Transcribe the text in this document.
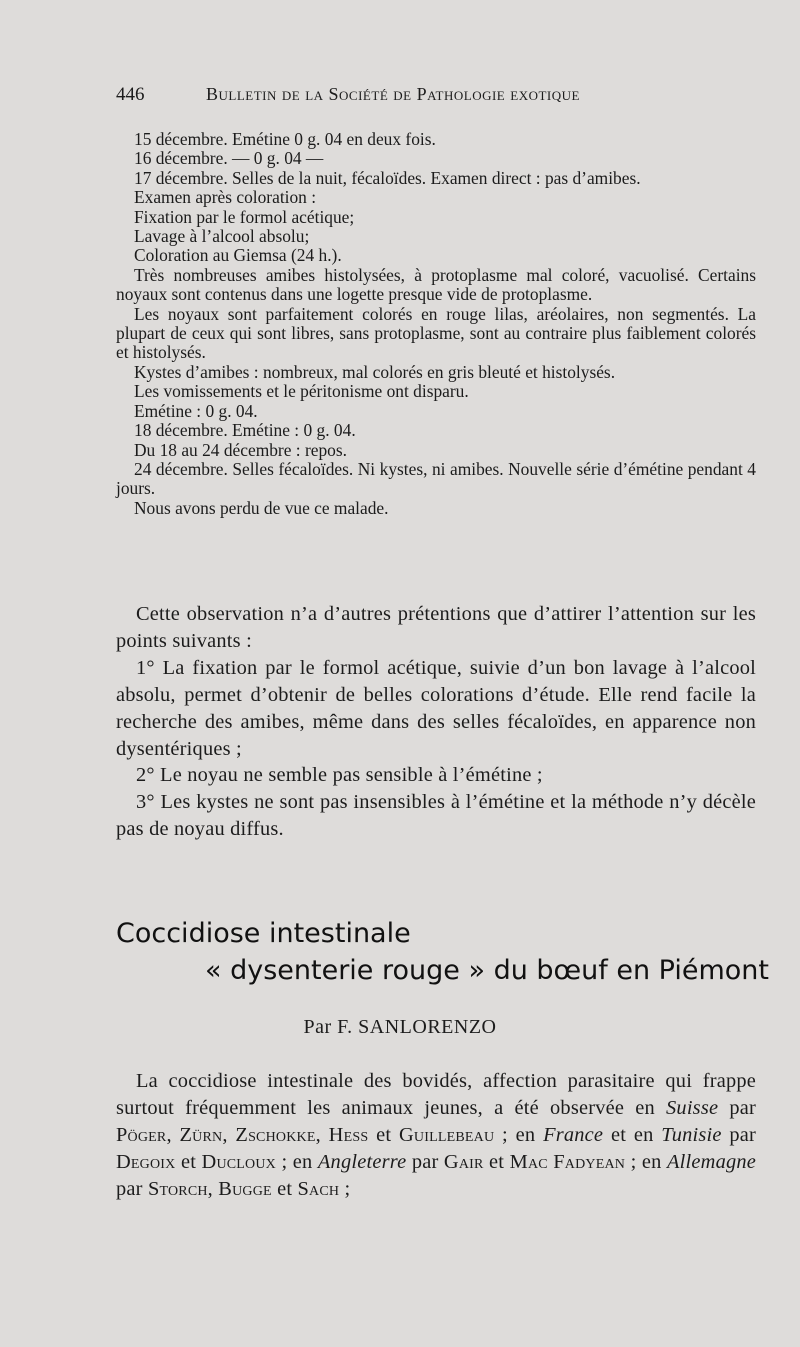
446	Bulletin de la Société de Pathologie exotique

15 décembre. Emétine 0 g. 04 en deux fois.

16 décembre. — 0 g. 04 —

17 décembre. Selles de la nuit, fécaloïdes. Examen direct : pas d’amibes.

Examen après coloration :

Fixation par le formol acétique;

Lavage à l’alcool absolu;

Coloration au Giemsa (24 h.).

Très nombreuses amibes histolysées, à protoplasme mal coloré, vacuolisé. Certains noyaux sont contenus dans une logette presque vide de protoplasme.

Les noyaux sont parfaitement colorés en rouge lilas, aréolaires, non segmentés. La plupart de ceux qui sont libres, sans protoplasme, sont au contraire plus faiblement colorés et histolysés.

Kystes d’amibes : nombreux, mal colorés en gris bleuté et histolysés.

Les vomissements et le péritonisme ont disparu.

Emétine : 0 g. 04.

18 décembre. Emétine : 0 g. 04.

Du 18 au 24 décembre : repos.

24 décembre. Selles fécaloïdes. Ni kystes, ni amibes. Nouvelle série d’émétine pendant 4 jours.

Nous avons perdu de vue ce malade.

Cette observation n’a d’autres prétentions que d’attirer l’attention sur les points suivants :

1° La fixation par le formol acétique, suivie d’un bon lavage à l’alcool absolu, permet d’obtenir de belles colorations d’étude. Elle rend facile la recherche des amibes, même dans des selles fécaloïdes, en apparence non dysentériques ;

2° Le noyau ne semble pas sensible à l’émétine ;

3° Les kystes ne sont pas insensibles à l’émétine et la méthode n’y décèle pas de noyau diffus.

Coccidiose intestinale
« dysenterie rouge » du bœuf en Piémont
Par F. SANLORENZO

La coccidiose intestinale des bovidés, affection parasitaire qui frappe surtout fréquemment les animaux jeunes, a été observée en Suisse par Pöger, Zürn, Zschokke, Hess et Guillebeau ; en France et en Tunisie par Degoix et Ducloux ; en Angleterre par Gair et Mac Fadyean ; en Allemagne par Storch, Bugge et Sach ;
